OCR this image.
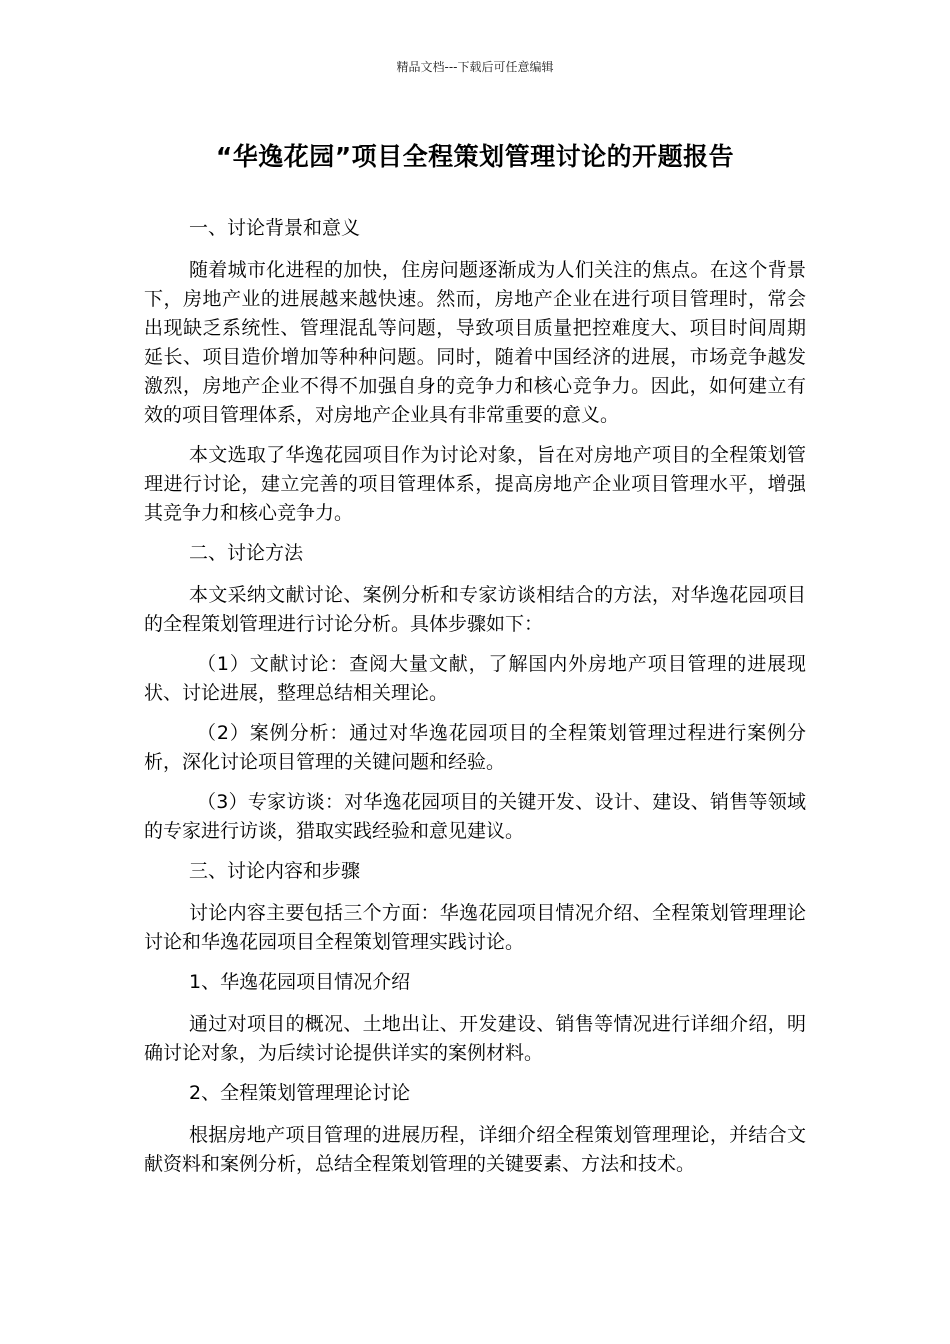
精品文档---下载后可任意编辑
“华逸花园”项目全程策划管理讨论的开题报告

一、讨论背景和意义

随着城市化进程的加快，住房问题逐渐成为人们关注的焦点。在这个背景下，房地产业的进展越来越快速。然而，房地产企业在进行项目管理时，常会出现缺乏系统性、管理混乱等问题，导致项目质量把控难度大、项目时间周期延长、项目造价增加等种种问题。同时，随着中国经济的进展，市场竞争越发激烈，房地产企业不得不加强自身的竞争力和核心竞争力。因此，如何建立有效的项目管理体系，对房地产企业具有非常重要的意义。

本文选取了华逸花园项目作为讨论对象，旨在对房地产项目的全程策划管理进行讨论，建立完善的项目管理体系，提高房地产企业项目管理水平，增强其竞争力和核心竞争力。

二、讨论方法

本文采纳文献讨论、案例分析和专家访谈相结合的方法，对华逸花园项目的全程策划管理进行讨论分析。具体步骤如下：

（1）文献讨论：查阅大量文献，了解国内外房地产项目管理的进展现状、讨论进展，整理总结相关理论。

（2）案例分析：通过对华逸花园项目的全程策划管理过程进行案例分析，深化讨论项目管理的关键问题和经验。

（3）专家访谈：对华逸花园项目的关键开发、设计、建设、销售等领域的专家进行访谈，猎取实践经验和意见建议。

三、讨论内容和步骤

讨论内容主要包括三个方面：华逸花园项目情况介绍、全程策划管理理论讨论和华逸花园项目全程策划管理实践讨论。

1、华逸花园项目情况介绍

通过对项目的概况、土地出让、开发建设、销售等情况进行详细介绍，明确讨论对象，为后续讨论提供详实的案例材料。

2、全程策划管理理论讨论

根据房地产项目管理的进展历程，详细介绍全程策划管理理论，并结合文献资料和案例分析，总结全程策划管理的关键要素、方法和技术。
